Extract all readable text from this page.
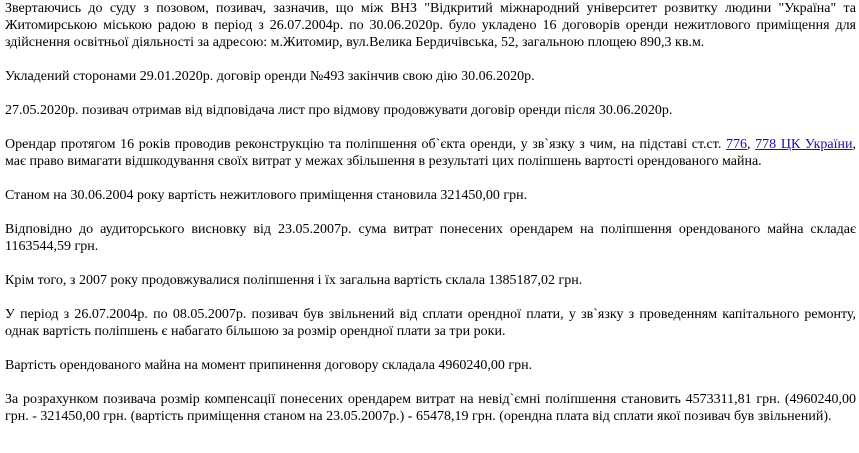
Звертаючись до суду з позовом, позивач, зазначив, що між ВНЗ "Відкритий міжнародний університет розвитку людини "Україна" та Житомирською міською радою в період з 26.07.2004р. по 30.06.2020р. було укладено 16 договорів оренди нежитлового приміщення для здійснення освітньої діяльності за адресою: м.Житомир, вул.Велика Бердичівська, 52, загальною площею 890,3 кв.м.

Укладений сторонами 29.01.2020р. договір оренди №493 закінчив свою дію 30.06.2020р.

27.05.2020р. позивач отримав від відповідача лист про відмову продовжувати договір оренди після 30.06.2020р.

Орендар протягом 16 років проводив реконструкцію та поліпшення об`єкта оренди, у зв`язку з чим, на підставі ст.ст. 776, 778 ЦК України, має право вимагати відшкодування своїх витрат у межах збільшення в результаті цих поліпшень вартості орендованого майна.

Станом на 30.06.2004 року вартість нежитлового приміщення становила 321450,00 грн.

Відповідно до аудиторського висновку від 23.05.2007р. сума витрат понесених орендарем на поліпшення орендованого майна складає 1163544,59 грн.

Крім того, з 2007 року продовжувалися поліпшення і їх загальна вартість склала 1385187,02 грн.

У період з 26.07.2004р. по 08.05.2007р. позивач був звільнений від сплати орендної плати, у зв`язку з проведенням капітального ремонту, однак вартість поліпшень є набагато більшою за розмір орендної плати за три роки.

Вартість орендованого майна на момент припинення договору складала 4960240,00 грн.

За розрахунком позивача розмір компенсації понесених орендарем витрат на невід`ємні поліпшення становить 4573311,81 грн. (4960240,00 грн. - 321450,00 грн. (вартість приміщення станом на 23.05.2007р.) - 65478,19 грн. (орендна плата від сплати якої позивач був звільнений).
